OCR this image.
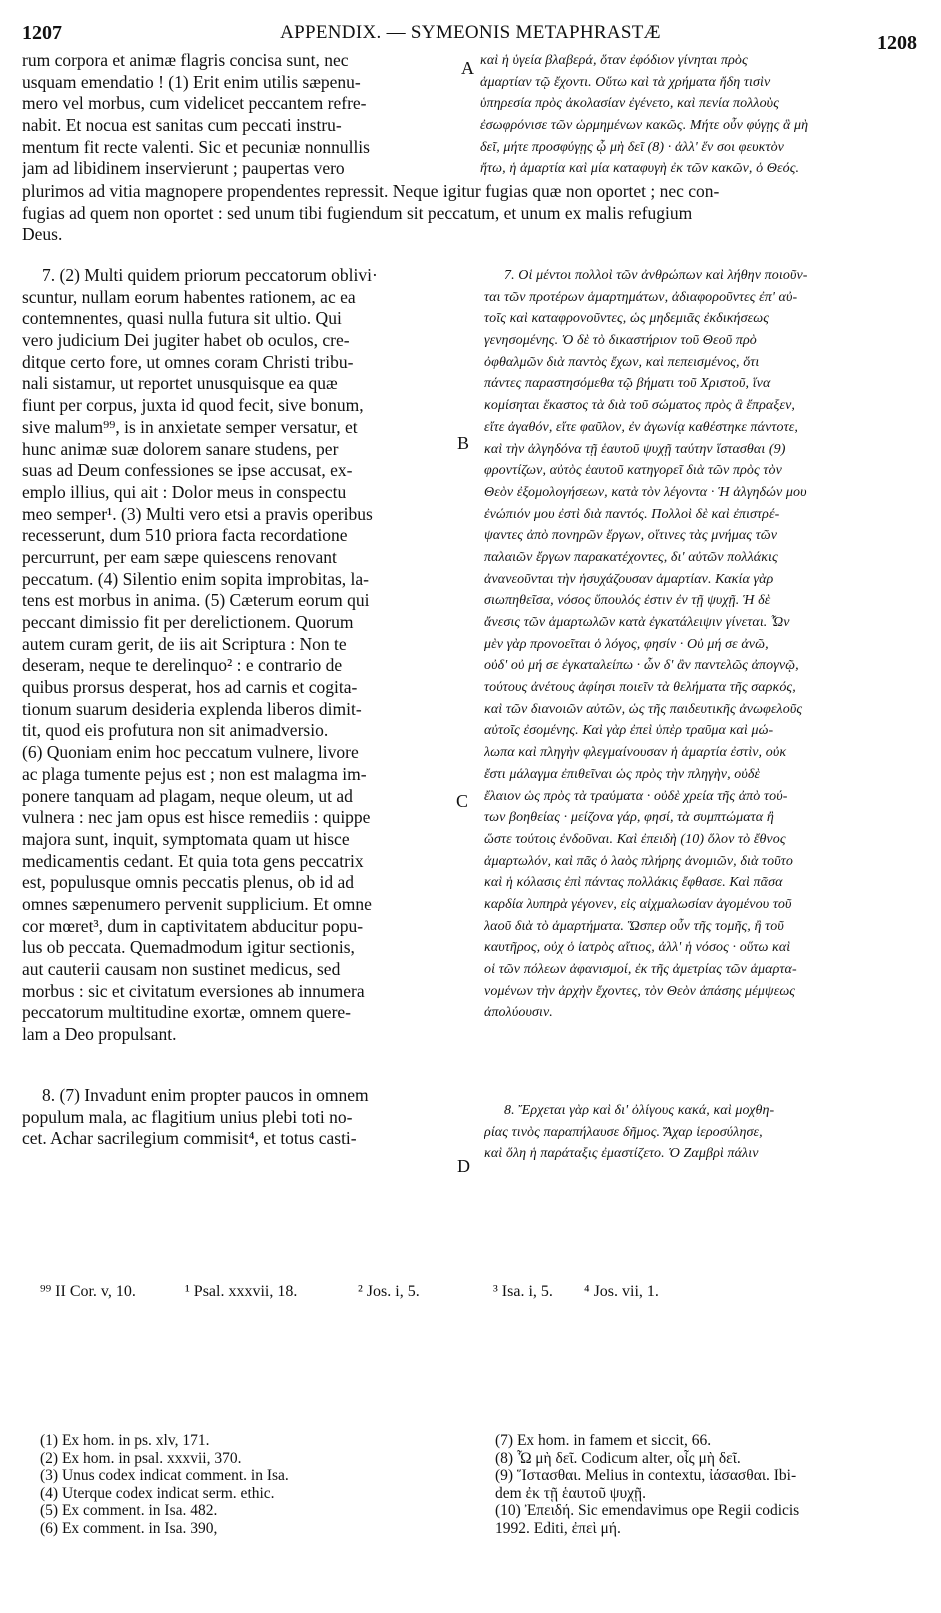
1207	APPENDIX. — SYMEONIS METAPHRASTÆ	1208
A
B
C
D
rum corpora et animæ flagris concisa sunt, nec
usquam emendatio ! (1) Erit enim utilis sæpenu-
mero vel morbus, cum videlicet peccantem refre-
nabit. Et nocua est sanitas cum peccati instru-
mentum fit recte valenti. Sic et pecuniæ nonnullis
jam ad libidinem inservierunt ; paupertas vero
καὶ ἡ ὑγεία βλαβερά, ὅταν ἐφόδιον γίνηται πρὸς
ἁμαρτίαν τῷ ἔχοντι. Οὕτω καὶ τὰ χρήματα ἤδη τισὶν
ὑπηρεσία πρὸς ἀκολασίαν ἐγένετο, καὶ πενία πολλοὺς
ἐσωφρόνισε τῶν ὡρμημένων κακῶς. Μήτε οὖν φύγῃς ἃ μὴ
δεῖ, μήτε προσφύγῃς ᾧ μὴ δεῖ (8) · ἀλλ' ἕν σοι φευκτὸν
ἤτω, ἡ ἁμαρτία καὶ μία καταφυγὴ ἐκ τῶν κακῶν, ὁ Θεός.
plurimos ad vitia magnopere propendentes repressit. Neque igitur fugias quæ non oportet ; nec con-
fugias ad quem non oportet : sed unum tibi fugiendum sit peccatum, et unum ex malis refugium
Deus.
7. (2) Multi quidem priorum peccatorum oblivi·
scuntur, nullam eorum habentes rationem, ac ea
contemnentes, quasi nulla futura sit ultio. Qui
vero judicium Dei jugiter habet ob oculos, cre-
ditque certo fore, ut omnes coram Christi tribu-
nali sistamur, ut reportet unusquisque ea quæ
fiunt per corpus, juxta id quod fecit, sive bonum,
sive malum⁹⁹, is in anxietate semper versatur, et
hunc animæ suæ dolorem sanare studens, per
suas ad Deum confessiones se ipse accusat, ex-
emplo illius, qui ait : Dolor meus in conspectu
meo semper¹. (3) Multi vero etsi a pravis operibus
recesserunt, dum 510 priora facta recordatione
percurrunt, per eam sæpe quiescens renovant
peccatum. (4) Silentio enim sopita improbitas, la-
tens est morbus in anima. (5) Cæterum eorum qui
peccant dimissio fit per derelictionem. Quorum
autem curam gerit, de iis ait Scriptura : Non te
deseram, neque te derelinquo² : e contrario de
quibus prorsus desperat, hos ad carnis et cogita-
tionum suarum desideria explenda liberos dimit-
tit, quod eis profutura non sit animadversio.
(6) Quoniam enim hoc peccatum vulnere, livore
ac plaga tumente pejus est ; non est malagma im-
ponere tanquam ad plagam, neque oleum, ut ad
vulnera : nec jam opus est hisce remediis : quippe
majora sunt, inquit, symptomata quam ut hisce
medicamentis cedant. Et quia tota gens peccatrix
est, populusque omnis peccatis plenus, ob id ad
omnes sæpenumero pervenit supplicium. Et omne
cor mœret³, dum in captivitatem abducitur popu-
lus ob peccata. Quemadmodum igitur sectionis,
aut cauterii causam non sustinet medicus, sed
morbus : sic et civitatum eversiones ab innumera
peccatorum multitudine exortæ, omnem quere-
lam a Deo propulsant.
7. Οἱ μέντοι πολλοὶ τῶν ἀνθρώπων καὶ λήθην ποιοῦν-
ται τῶν προτέρων ἁμαρτημάτων, ἀδιαφοροῦντες ἐπ' αὐ-
τοῖς καὶ καταφρονοῦντες, ὡς μηδεμιᾶς ἐκδικήσεως
γενησομένης. Ὁ δὲ τὸ δικαστήριον τοῦ Θεοῦ πρὸ
ὀφθαλμῶν διὰ παντὸς ἔχων, καὶ πεπεισμένος, ὅτι
πάντες παραστησόμεθα τῷ βήματι τοῦ Χριστοῦ, ἵνα
κομίσηται ἕκαστος τὰ διὰ τοῦ σώματος πρὸς ἃ ἔπραξεν,
εἴτε ἀγαθόν, εἴτε φαῦλον, ἐν ἀγωνίᾳ καθέστηκε πάντοτε,
καὶ τὴν ἀλγηδόνα τῇ ἑαυτοῦ ψυχῇ ταύτην ἵστασθαι (9)
φροντίζων, αὐτὸς ἑαυτοῦ κατηγορεῖ διὰ τῶν πρὸς τὸν
Θεὸν ἐξομολογήσεων, κατὰ τὸν λέγοντα · Ἡ ἀλγηδών μου
ἐνώπιόν μου ἐστὶ διὰ παντός. Πολλοὶ δὲ καὶ ἐπιστρέ-
ψαντες ἀπὸ πονηρῶν ἔργων, οἵτινες τὰς μνήμας τῶν
παλαιῶν ἔργων παρακατέχοντες, δι' αὐτῶν πολλάκις
ἀνανεοῦνται τὴν ἡσυχάζουσαν ἁμαρτίαν. Κακία γὰρ
σιωπηθεῖσα, νόσος ὕπουλός ἐστιν ἐν τῇ ψυχῇ. Ἡ δὲ
ἄνεσις τῶν ἁμαρτωλῶν κατὰ ἐγκατάλειψιν γίνεται. Ὧν
μὲν γὰρ προνοεῖται ὁ λόγος, φησίν · Οὐ μή σε ἀνῶ,
οὐδ' οὐ μή σε ἐγκαταλείπω · ὧν δ' ἂν παντελῶς ἀπογνῷ,
τούτους ἀνέτους ἀφίησι ποιεῖν τὰ θελήματα τῆς σαρκός,
καὶ τῶν διανοιῶν αὐτῶν, ὡς τῆς παιδευτικῆς ἀνωφελοῦς
αὐτοῖς ἐσομένης. Καὶ γὰρ ἐπεὶ ὑπὲρ τραῦμα καὶ μώ-
λωπα καὶ πληγὴν φλεγμαίνουσαν ἡ ἁμαρτία ἐστὶν, οὐκ
ἔστι μάλαγμα ἐπιθεῖναι ὡς πρὸς τὴν πληγὴν, οὐδὲ
ἔλαιον ὡς πρὸς τὰ τραύματα · οὐδὲ χρεία τῆς ἀπὸ τού-
των βοηθείας · μείζονα γάρ, φησί, τὰ συμπτώματα ἢ
ὥστε τούτοις ἐνδοῦναι. Καὶ ἐπειδὴ (10) ὅλον τὸ ἔθνος
ἁμαρτωλόν, καὶ πᾶς ὁ λαὸς πλήρης ἀνομιῶν, διὰ τοῦτο
καὶ ἡ κόλασις ἐπὶ πάντας πολλάκις ἔφθασε. Καὶ πᾶσα
καρδία λυπηρὰ γέγονεν, εἰς αἰχμαλωσίαν ἀγομένου τοῦ
λαοῦ διὰ τὸ ἁμαρτήματα. Ὥσπερ οὖν τῆς τομῆς, ἢ τοῦ
καυτῆρος, οὐχ ὁ ἰατρὸς αἴτιος, ἀλλ' ἡ νόσος · οὕτω καὶ
οἱ τῶν πόλεων ἀφανισμοί, ἐκ τῆς ἀμετρίας τῶν ἁμαρτα-
νομένων τὴν ἀρχὴν ἔχοντες, τὸν Θεὸν ἀπάσης μέμψεως
ἀπολύουσιν.
8. (7) Invadunt enim propter paucos in omnem
populum mala, ac flagitium unius plebi toti no-
cet. Achar sacrilegium commisit⁴, et totus casti-
8. Ἔρχεται γὰρ καὶ δι' ὀλίγους κακά, καὶ μοχθη-
ρίας τινὸς παραπήλαυσε δῆμος. Ἄχαρ ἱεροσύλησε,
καὶ ὅλη ἡ παράταξις ἐμαστίζετο. Ὁ Ζαμβρὶ πάλιν
⁹⁹ II Cor. v, 10.	¹ Psal. xxxvii, 18.	² Jos. i, 5.	³ Isa. i, 5. ⁴ Jos. vii, 1.
(1) Ex hom. in ps. xlv, 171.
(2) Ex hom. in psal. xxxvii, 370.
(3) Unus codex indicat comment. in Isa.
(4) Uterque codex indicat serm. ethic.
(5) Ex comment. in Isa. 482.
(6) Ex comment. in Isa. 390,
(7) Ex hom. in famem et siccit, 66.
(8) Ὧ μὴ δεῖ. Codicum alter, οἷς μὴ δεῖ.
(9) Ἵστασθαι. Melius in contextu, ἰάσασθαι. Ibi-
dem ἐκ τῇ ἑαυτοῦ ψυχῇ.
(10) Ἐπειδή. Sic emendavimus ope Regii codicis
1992. Editi, ἐπεὶ μή.
